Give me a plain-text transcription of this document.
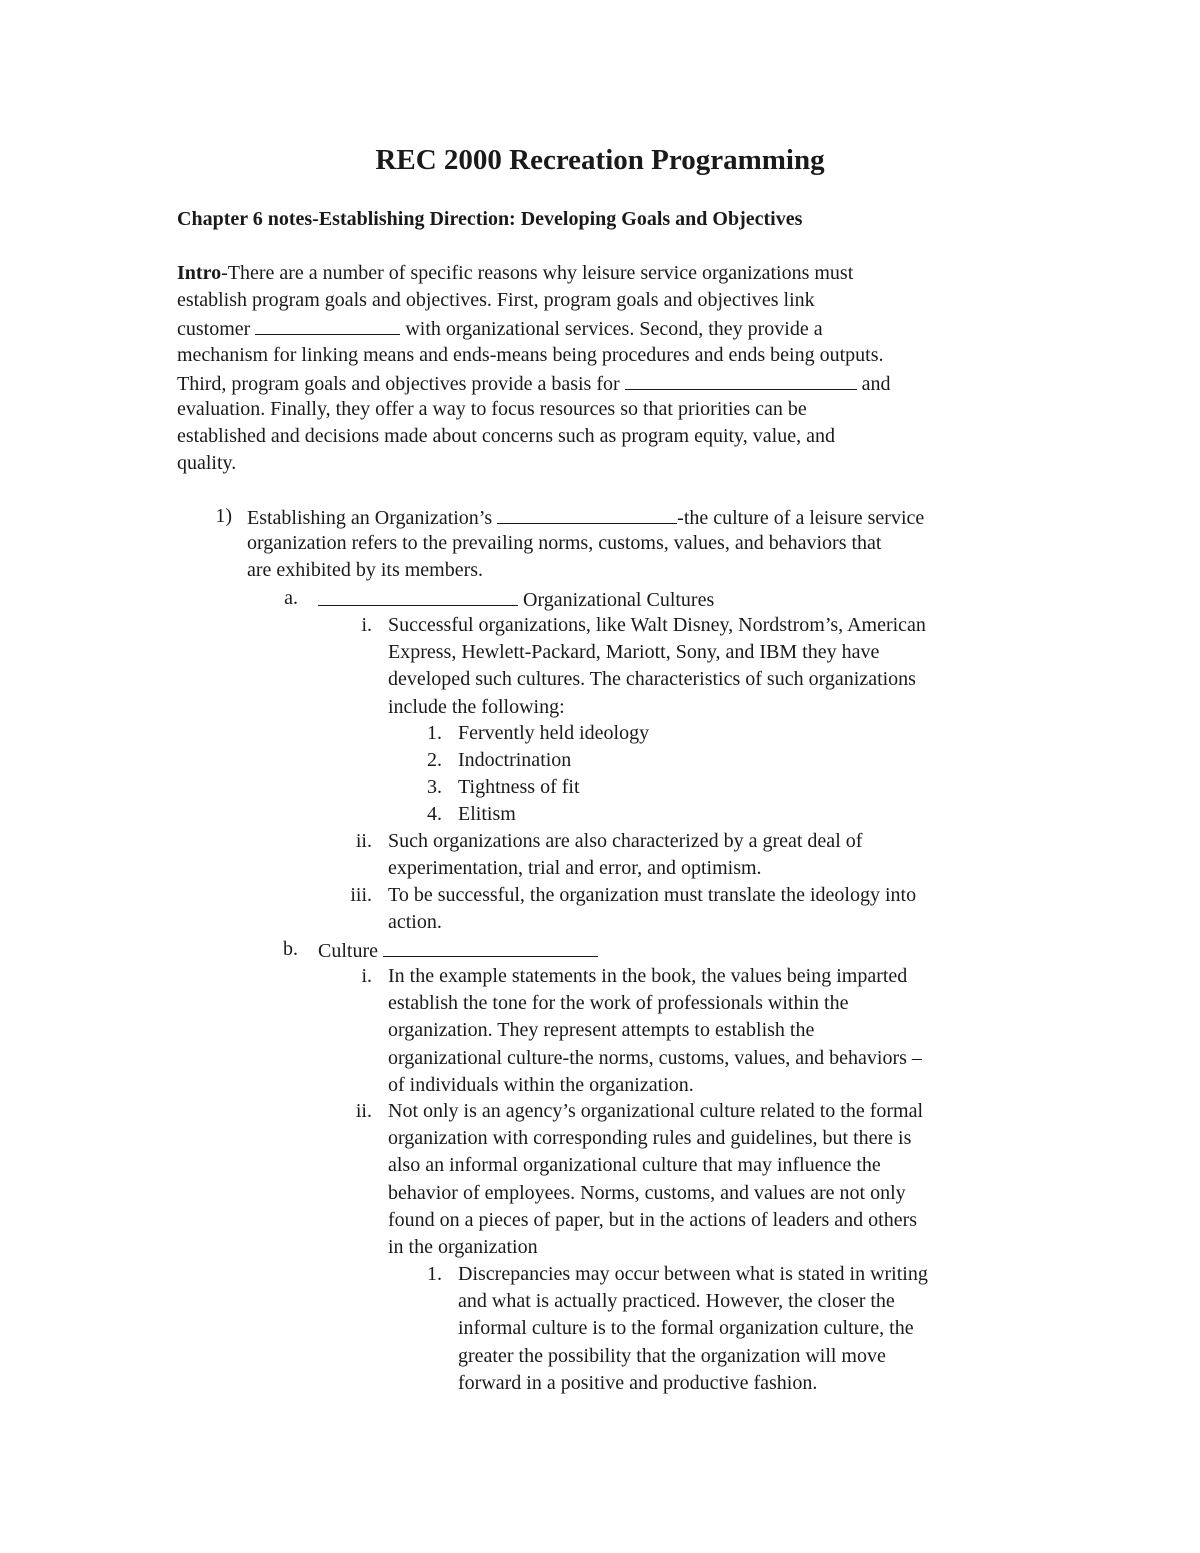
REC 2000 Recreation Programming
Chapter 6 notes-Establishing Direction: Developing Goals and Objectives
Intro-There are a number of specific reasons why leisure service organizations must
establish program goals and objectives. First, program goals and objectives link
customer	with organizational services. Second, they provide a
mechanism for linking means and ends-means being procedures and ends being outputs.
Third, program goals and objectives provide a basis for	and
evaluation. Finally, they offer a way to focus resources so that priorities can be
established and decisions made about concerns such as program equity, value, and
quality.
1) Establishing an Organization’s	-the culture of a leisure service
organization refers to the prevailing norms, customs, values, and behaviors that
are exhibited by its members.
a.	Organizational Cultures
i. Successful organizations, like Walt Disney, Nordstrom’s, American
Express, Hewlett-Packard, Mariott, Sony, and IBM they have
developed such cultures. The characteristics of such organizations
include the following:
1. Fervently held ideology
2. Indoctrination
3. Tightness of fit
4. Elitism
ii. Such organizations are also characterized by a great deal of
experimentation, trial and error, and optimism.
iii. To be successful, the organization must translate the ideology into
action.
b. Culture
i. In the example statements in the book, the values being imparted
establish the tone for the work of professionals within the
organization. They represent attempts to establish the
organizational culture-the norms, customs, values, and behaviors –
of individuals within the organization.
ii. Not only is an agency’s organizational culture related to the formal
organization with corresponding rules and guidelines, but there is
also an informal organizational culture that may influence the
behavior of employees. Norms, customs, and values are not only
found on a pieces of paper, but in the actions of leaders and others
in the organization
1. Discrepancies may occur between what is stated in writing
and what is actually practiced. However, the closer the
informal culture is to the formal organization culture, the
greater the possibility that the organization will move
forward in a positive and productive fashion.
